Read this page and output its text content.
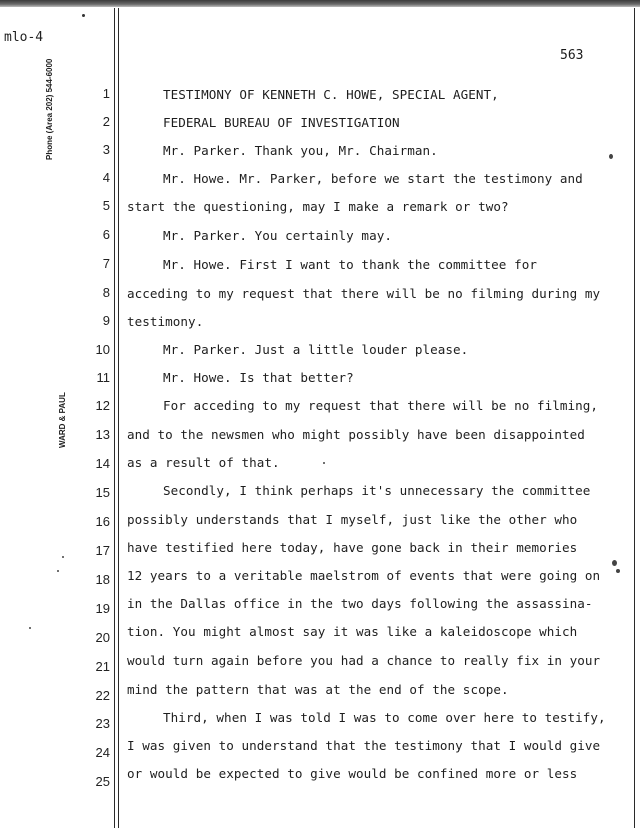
mlo-4
Phone (Area 202) 544-6000
WARD & PAUL
563
1	TESTIMONY OF KENNETH C. HOWE, SPECIAL AGENT,
2	FEDERAL BUREAU OF INVESTIGATION
3	Mr. Parker. Thank you, Mr. Chairman.
4	Mr. Howe. Mr. Parker, before we start the testimony and
5 start the questioning, may I make a remark or two?
6	Mr. Parker. You certainly may.
7	Mr. Howe. First I want to thank the committee for
8 acceding to my request that there will be no filming during my
9 testimony.
10	Mr. Parker. Just a little louder please.
11	Mr. Howe. Is that better?
12	For acceding to my request that there will be no filming,
13 and to the newsmen who might possibly have been disappointed
14 as a result of that.
15	Secondly, I think perhaps it's unnecessary the committee
16 possibly understands that I myself, just like the other who
17 have testified here today, have gone back in their memories
18 12 years to a veritable maelstrom of events that were going on
19 in the Dallas office in the two days following the assassina-
20 tion. You might almost say it was like a kaleidoscope which
21 would turn again before you had a chance to really fix in your
22 mind the pattern that was at the end of the scope.
23	Third, when I was told I was to come over here to testify,
24 I was given to understand that the testimony that I would give
25
or would be expected to give would be confined more or less
